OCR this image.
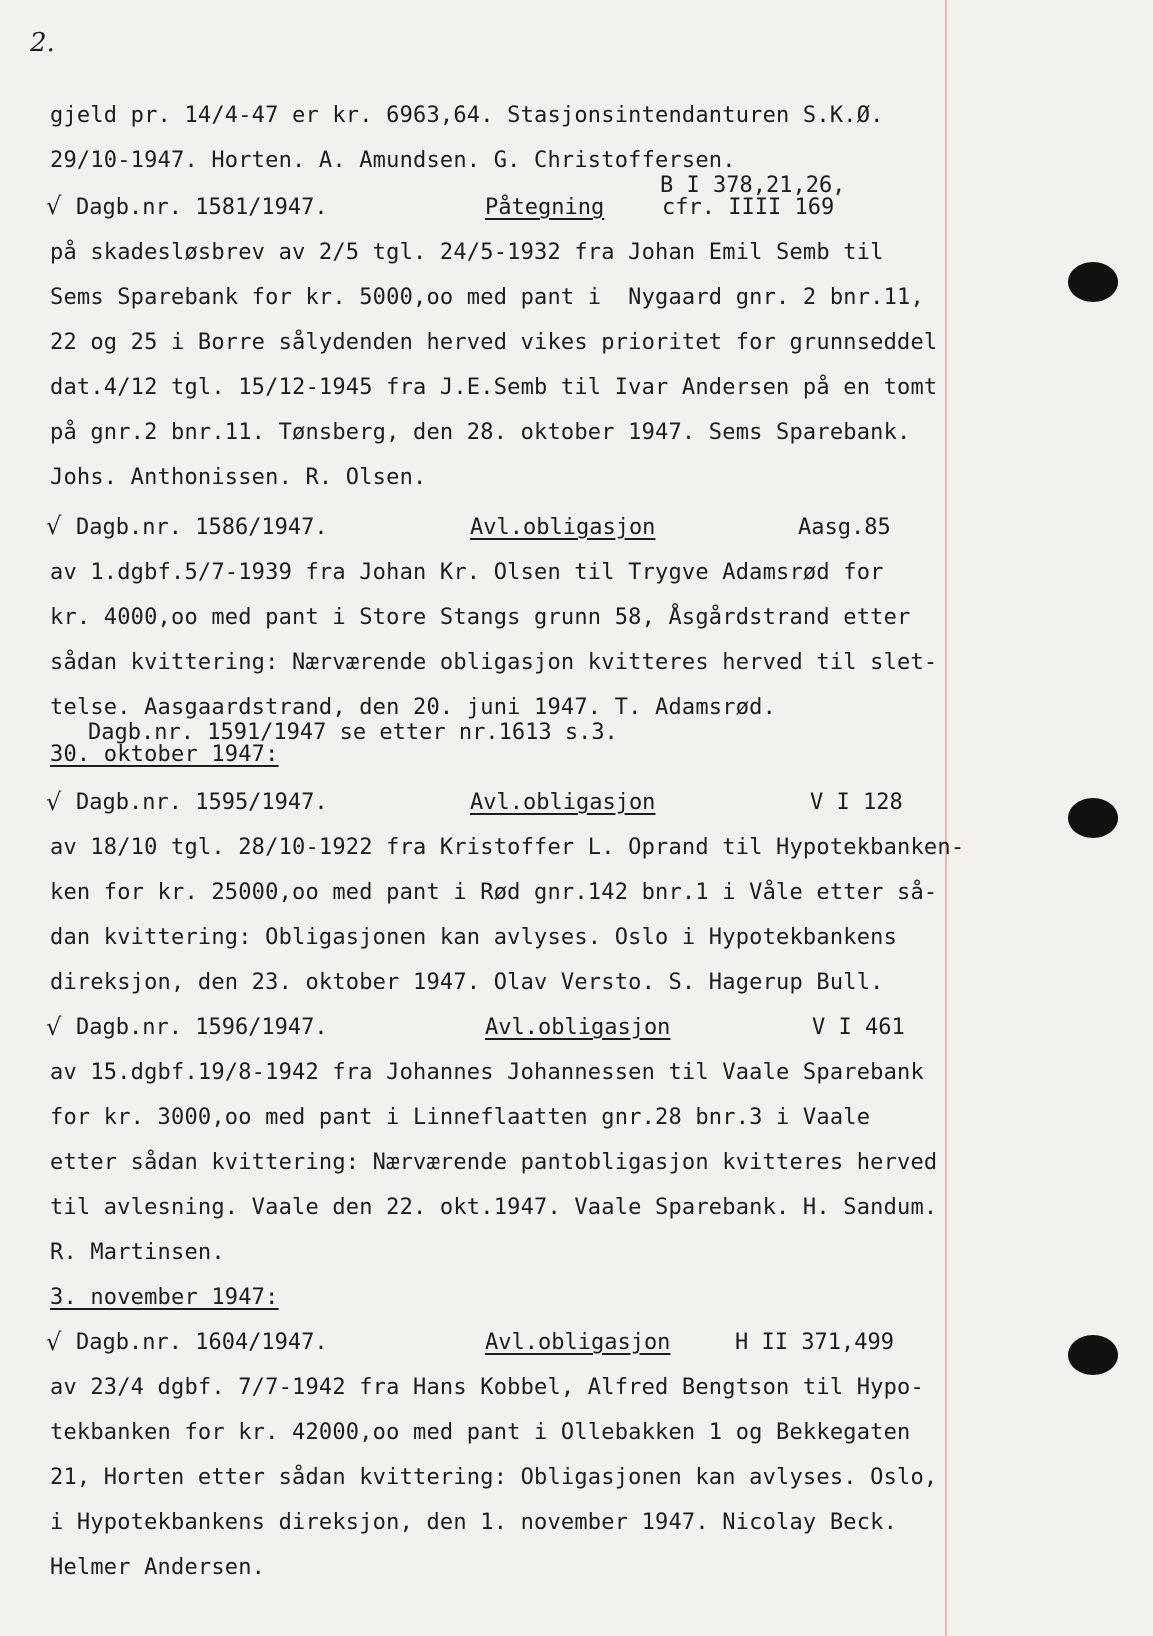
2.
gjeld pr. 14/4-47 er kr. 6963,64. Stasjonsintendanturen S.K.Ø.
29/10-1947. Horten. A. Amundsen. G. Christoffersen.
B I 378,21,26,
√ Dagb.nr. 1581/1947.	Påtegning	cfr. IIII 169
på skadesløsbrev av 2/5 tgl. 24/5-1932 fra Johan Emil Semb til
Sems Sparebank for kr. 5000,oo med pant i  Nygaard gnr. 2 bnr.11,
22 og 25 i Borre sålydenden herved vikes prioritet for grunnseddel
dat.4/12 tgl. 15/12-1945 fra J.E.Semb til Ivar Andersen på en tomt
på gnr.2 bnr.11. Tønsberg, den 28. oktober 1947. Sems Sparebank.
Johs. Anthonissen. R. Olsen.
√ Dagb.nr. 1586/1947.	Avl.obligasjon	Aasg.85
av 1.dgbf.5/7-1939 fra Johan Kr. Olsen til Trygve Adamsrød for
kr. 4000,oo med pant i Store Stangs grunn 58, Åsgårdstrand etter
sådan kvittering: Nærværende obligasjon kvitteres herved til slet-
telse. Aasgaardstrand, den 20. juni 1947. T. Adamsrød.
Dagb.nr. 1591/1947 se etter nr.1613 s.3.
30. oktober 1947:
√ Dagb.nr. 1595/1947.	Avl.obligasjon	V I 128
av 18/10 tgl. 28/10-1922 fra Kristoffer L. Oprand til Hypotekbanken-
ken for kr. 25000,oo med pant i Rød gnr.142 bnr.1 i Våle etter så-
dan kvittering: Obligasjonen kan avlyses. Oslo i Hypotekbankens
direksjon, den 23. oktober 1947. Olav Versto. S. Hagerup Bull.
√ Dagb.nr. 1596/1947.	Avl.obligasjon	V I 461
av 15.dgbf.19/8-1942 fra Johannes Johannessen til Vaale Sparebank
for kr. 3000,oo med pant i Linneflaatten gnr.28 bnr.3 i Vaale
etter sådan kvittering: Nærværende pantobligasjon kvitteres herved
til avlesning. Vaale den 22. okt.1947. Vaale Sparebank. H. Sandum.
R. Martinsen.
3. november 1947:
√ Dagb.nr. 1604/1947.	Avl.obligasjon	H II 371,499
av 23/4 dgbf. 7/7-1942 fra Hans Kobbel, Alfred Bengtson til Hypo-
tekbanken for kr. 42000,oo med pant i Ollebakken 1 og Bekkegaten
21, Horten etter sådan kvittering: Obligasjonen kan avlyses. Oslo,
i Hypotekbankens direksjon, den 1. november 1947. Nicolay Beck.
Helmer Andersen.
